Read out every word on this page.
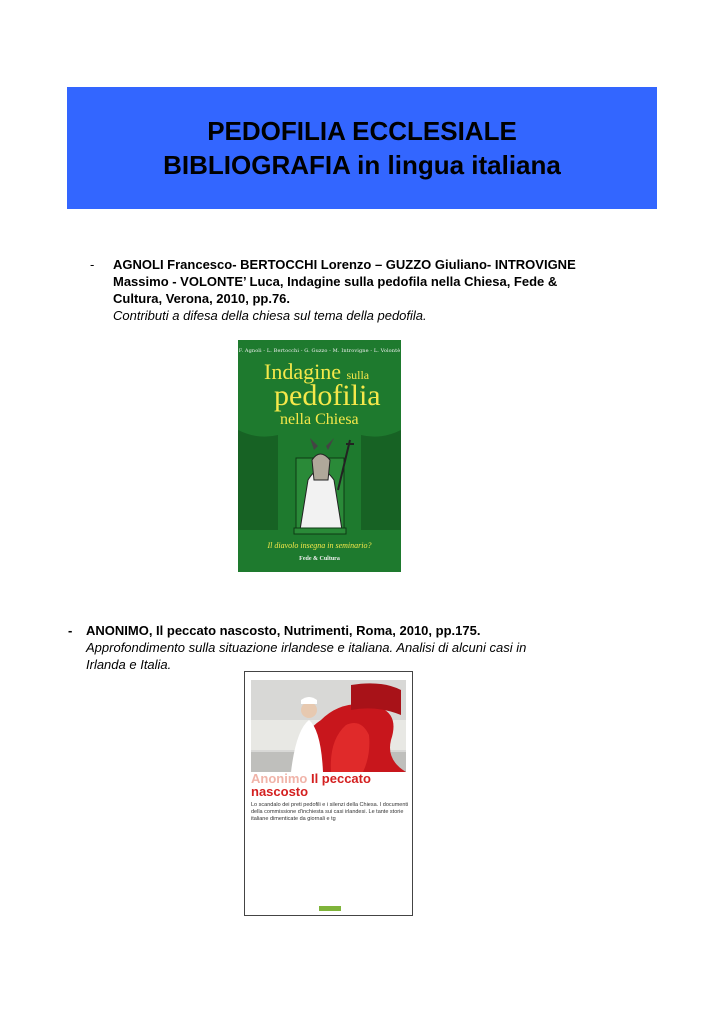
PEDOFILIA ECCLESIALE
BIBLIOGRAFIA in lingua italiana
- AGNOLI Francesco- BERTOCCHI Lorenzo – GUZZO Giuliano- INTROVIGNE
Massimo - VOLONTE’ Luca, Indagine sulla pedofila nella Chiesa, Fede &
Cultura, Verona, 2010, pp.76.
Contributi a difesa della chiesa sul tema della pedofila.
F. Agnoli - L. Bertocchi - G. Guzzo - M. Introvigne - L. Volontè
Indagine sulla
pedofilia
nella Chiesa
Il diavolo insegna in seminario?
Fede & Cultura
- ANONIMO, Il peccato nascosto, Nutrimenti, Roma, 2010, pp.175.
Approfondimento sulla situazione irlandese e italiana. Analisi di alcuni casi in
Irlanda e Italia.
Anonimo Il peccato
nascosto
Lo scandalo dei preti pedofili e i silenzi della Chiesa. I documenti della commissione d'inchiesta sui casi irlandesi. Le tante storie italiane dimenticate da giornali e tg
